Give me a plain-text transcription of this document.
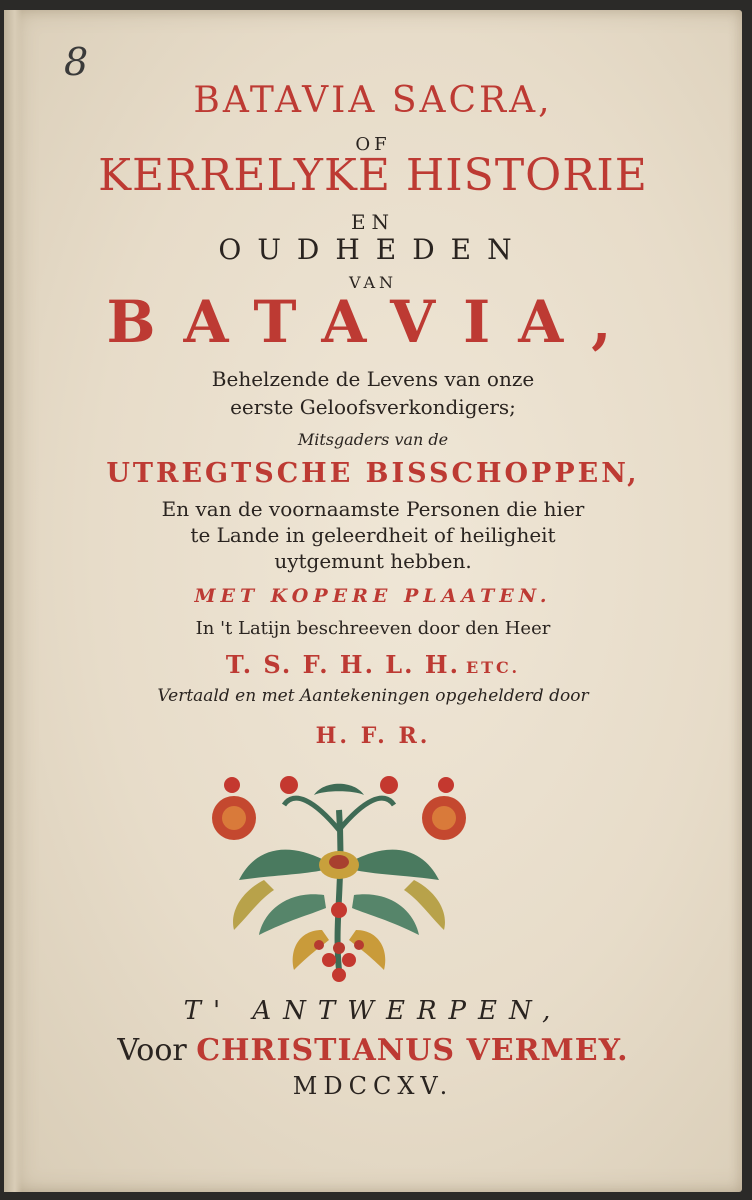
8
BATAVIA SACRA,
OF
KERRELYKE HISTORIE
EN
OUDHEDEN
VAN
BATAVIA,
Behelzende de Levens van onze
eerste Geloofsverkondigers;
Mitsgaders van de
UTREGTSCHE BISSCHOPPEN,
En van de voornaamste Personen die hier
te Lande in geleerdheit of heiligheit
uytgemunt hebben.
MET KOPERE PLAATEN.
In 't Latijn beschreeven door den Heer
T. S. F. H. L. H. ETC.
Vertaald en met Aantekeningen opgehelderd door
H. F. R.
T' ANTWERPEN,
Voor CHRISTIANUS VERMEY.
MDCCXV.
